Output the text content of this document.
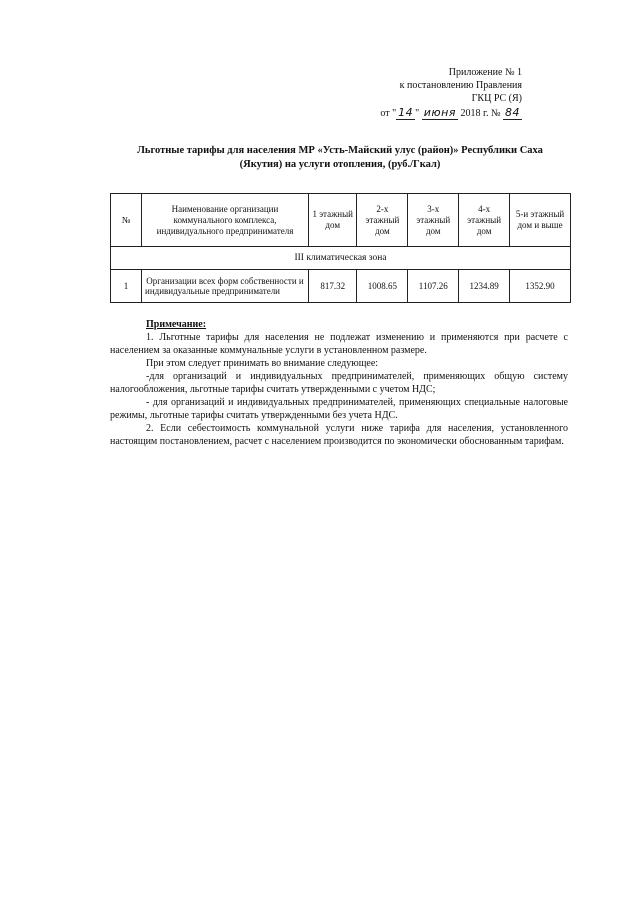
Приложение № 1
к постановлению Правления
ГКЦ РС (Я)
от " 14 " июня 2018 г. № 84
Льготные тарифы для населения МР «Усть-Майский улус (район)» Республики Саха
(Якутия) на услуги отопления, (руб./Гкал)
№	Наименование организации коммунального комплекса, индивидуального предпринимателя	1 этажный дом	2-х этажный дом	3-х этажный дом	4-х этажный дом	5-и этажный дом и выше
III климатическая зона						
1	Организации всех форм собственности и индивидуальные предприниматели	817.32	1008.65	1107.26	1234.89	1352.90

Примечание:

1. Льготные тарифы для населения не подлежат изменению и применяются при расчете с населением за оказанные коммунальные услуги в установленном размере.

При этом следует принимать во внимание следующее:

-для организаций и индивидуальных предпринимателей, применяющих общую систему налогообложения, льготные тарифы считать утвержденными с учетом НДС;

- для организаций и индивидуальных предпринимателей, применяющих специальные налоговые режимы, льготные тарифы считать утвержденными без учета НДС.

2. Если себестоимость коммунальной услуги ниже тарифа для населения, установленного настоящим постановлением, расчет с населением производится по экономически обоснованным тарифам.
